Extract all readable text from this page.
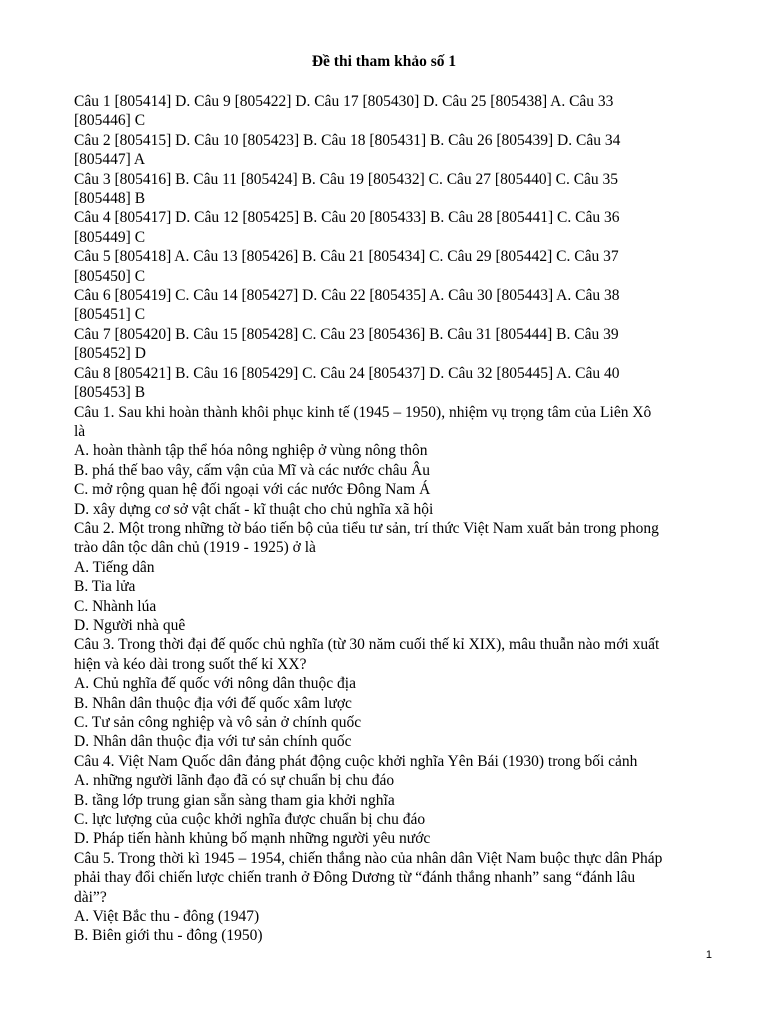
Đề thi tham khảo số 1
Câu 1 [805414] D. Câu 9 [805422] D. Câu 17 [805430] D. Câu 25 [805438] A. Câu 33
[805446] C
Câu 2 [805415] D. Câu 10 [805423] B. Câu 18 [805431] B. Câu 26 [805439] D. Câu 34
[805447] A
Câu 3 [805416] B. Câu 11 [805424] B. Câu 19 [805432] C. Câu 27 [805440] C. Câu 35
[805448] B
Câu 4 [805417] D. Câu 12 [805425] B. Câu 20 [805433] B. Câu 28 [805441] C. Câu 36
[805449] C
Câu 5 [805418] A. Câu 13 [805426] B. Câu 21 [805434] C. Câu 29 [805442] C. Câu 37
[805450] C
Câu 6 [805419] C. Câu 14 [805427] D. Câu 22 [805435] A. Câu 30 [805443] A. Câu 38
[805451] C
Câu 7 [805420] B. Câu 15 [805428] C. Câu 23 [805436] B. Câu 31 [805444] B. Câu 39
[805452] D
Câu 8 [805421] B. Câu 16 [805429] C. Câu 24 [805437] D. Câu 32 [805445] A. Câu 40
[805453] B
Câu 1. Sau khi hoàn thành khôi phục kinh tế (1945 – 1950), nhiệm vụ trọng tâm của Liên Xô
là
A. hoàn thành tập thể hóa nông nghiệp ở vùng nông thôn
B. phá thế bao vây, cấm vận của Mĩ và các nước châu Âu
C. mở rộng quan hệ đối ngoại với các nước Đông Nam Á
D. xây dựng cơ sở vật chất - kĩ thuật cho chủ nghĩa xã hội
Câu 2. Một trong những tờ báo tiến bộ của tiểu tư sản, trí thức Việt Nam xuất bản trong phong
trào dân tộc dân chủ (1919 - 1925) ở là
A. Tiếng dân
B. Tia lửa
C. Nhành lúa
D. Người nhà quê
Câu 3. Trong thời đại đế quốc chủ nghĩa (từ 30 năm cuối thế kỉ XIX), mâu thuẫn nào mới xuất
hiện và kéo dài trong suốt thế kỉ XX?
A. Chủ nghĩa đế quốc với nông dân thuộc địa
B. Nhân dân thuộc địa với đế quốc xâm lược
C. Tư sản công nghiệp và vô sản ở chính quốc
D. Nhân dân thuộc địa với tư sản chính quốc
Câu 4. Việt Nam Quốc dân đảng phát động cuộc khởi nghĩa Yên Bái (1930) trong bối cảnh
A. những người lãnh đạo đã có sự chuẩn bị chu đáo
B. tầng lớp trung gian sẵn sàng tham gia khởi nghĩa
C. lực lượng của cuộc khởi nghĩa được chuẩn bị chu đáo
D. Pháp tiến hành khủng bố mạnh những người yêu nước
Câu 5. Trong thời kì 1945 – 1954, chiến thắng nào của nhân dân Việt Nam buộc thực dân Pháp
phải thay đổi chiến lược chiến tranh ở Đông Dương từ “đánh thắng nhanh” sang “đánh lâu
dài”?
A. Việt Bắc thu - đông (1947)
B. Biên giới thu - đông (1950)
1
